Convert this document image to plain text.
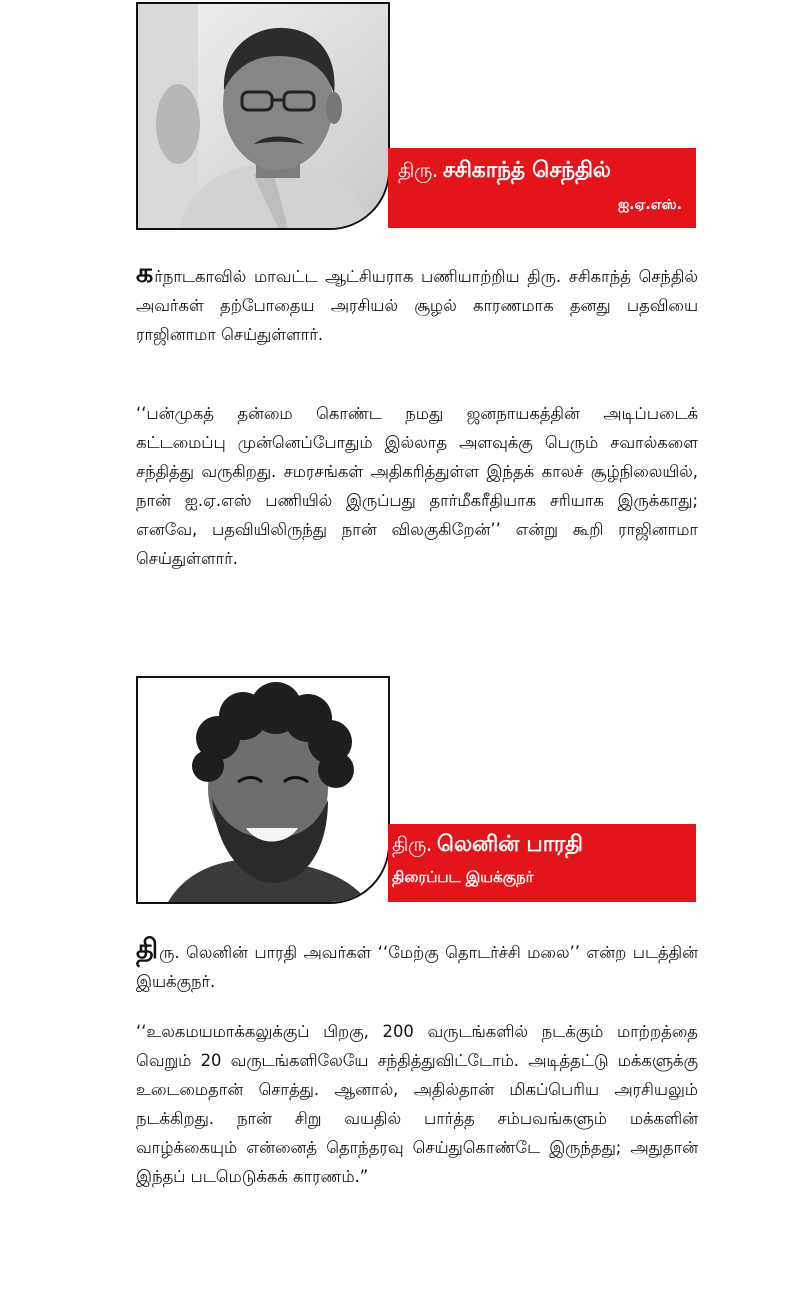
திரு. சசிகாந்த் செந்தில்
ஐ.ஏ.எஸ்.

கர்நாடகாவில் மாவட்ட ஆட்சியராக பணியாற்றிய திரு. சசிகாந்த் செந்தில் அவர்கள் தற்போதைய அரசியல் சூழல் காரணமாக தனது பதவியை ராஜினாமா செய்துள்ளார்.

‘‘பன்முகத் தன்மை கொண்ட நமது ஜனநாயகத்தின் அடிப்படைக் கட்டமைப்பு முன்னெப்போதும் இல்லாத அளவுக்கு பெரும் சவால்களை சந்தித்து வருகிறது. சமரசங்கள் அதிகரித்துள்ள இந்தக் காலச் சூழ்நிலையில், நான் ஐ.ஏ.எஸ் பணியில் இருப்பது தார்மீகரீதியாக சரியாக இருக்காது; எனவே, பதவியிலிருந்து நான் விலகுகிறேன்’’ என்று கூறி ராஜினாமா செய்துள்ளார்.

திரு. லெனின் பாரதி
திரைப்பட இயக்குநர்

திரு. லெனின் பாரதி அவர்கள் ‘‘மேற்கு தொடர்ச்சி மலை’’ என்ற படத்தின் இயக்குநர்.

‘‘உலகமயமாக்கலுக்குப் பிறகு, 200 வருடங்களில் நடக்கும் மாற்றத்தை வெறும் 20 வருடங்களிலேயே சந்தித்துவிட்டோம். அடித்தட்டு மக்களுக்கு உடைமைதான் சொத்து. ஆனால், அதில்தான் மிகப்பெரிய அரசியலும் நடக்கிறது. நான் சிறு வயதில் பார்த்த சம்பவங்களும் மக்களின் வாழ்க்கையும் என்னைத் தொந்தரவு செய்துகொண்டே இருந்தது; அதுதான் இந்தப் படமெடுக்கக் காரணம்.”
